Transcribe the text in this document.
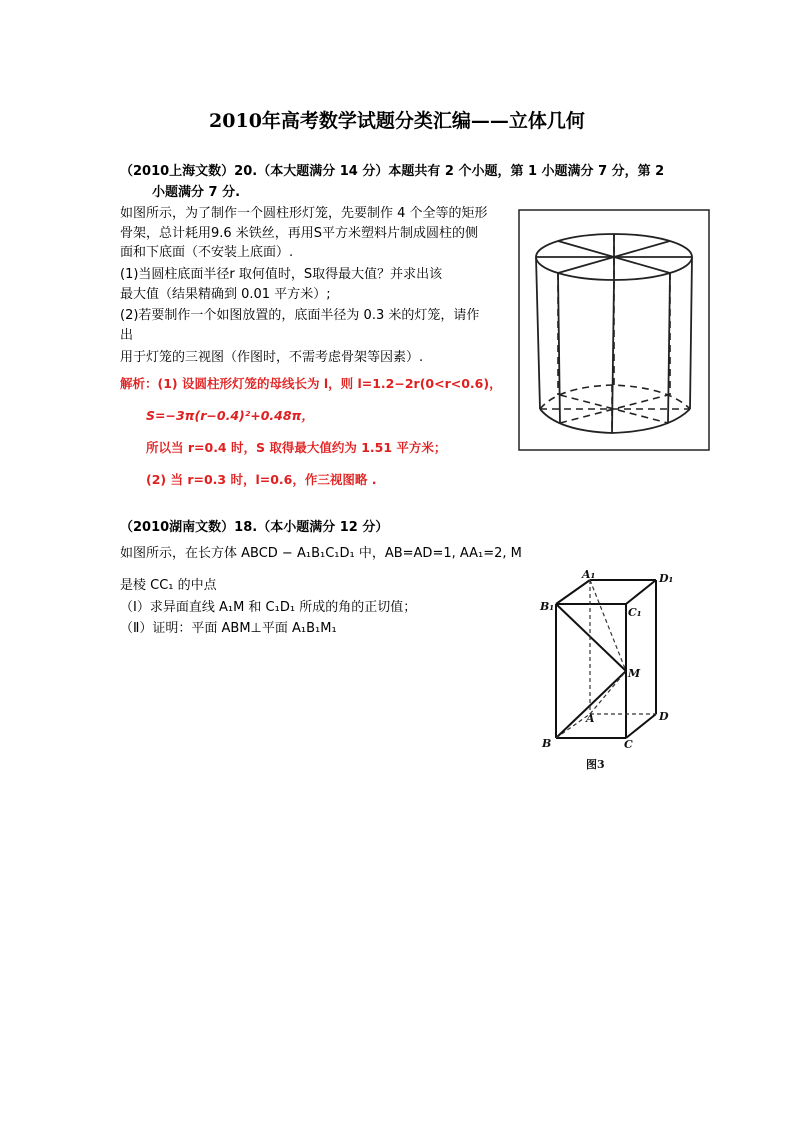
2010年高考数学试题分类汇编——立体几何
（2010上海文数）20.（本大题满分 14 分）本题共有 2 个小题，第 1 小题满分 7 分，第 2
小题满分 7 分.
如图所示，为了制作一个圆柱形灯笼，先要制作 4 个全等的矩形
骨架，总计耗用9.6 米铁丝，再用S平方米塑料片制成圆柱的侧
面和下底面（不安装上底面）.
(1)当圆柱底面半径r 取何值时，S取得最大值？并求出该
最大值（结果精确到 0.01 平方米）;
(2)若要制作一个如图放置的，底面半径为 0.3 米的灯笼，请作
出
用于灯笼的三视图（作图时，不需考虑骨架等因素）.
解析：(1) 设圆柱形灯笼的母线长为 l，则 l=1.2−2r(0<r<0.6)，
S=−3π(r−0.4)²+0.48π，
所以当 r=0.4 时，S 取得最大值约为 1.51 平方米；
(2) 当 r=0.3 时，l=0.6，作三视图略 .
（2010湖南文数）18.（本小题满分 12 分）
如图所示，在长方体 ABCD − A₁B₁C₁D₁ 中，AB=AD=1, AA₁=2, M
是棱 CC₁ 的中点
（Ⅰ）求异面直线 A₁M 和 C₁D₁ 所成的角的正切值；
（Ⅱ）证明：平面 ABM⊥平面 A₁B₁M₁
A₁	D₁
B₁	C₁
M
A	D
B	C
图3
